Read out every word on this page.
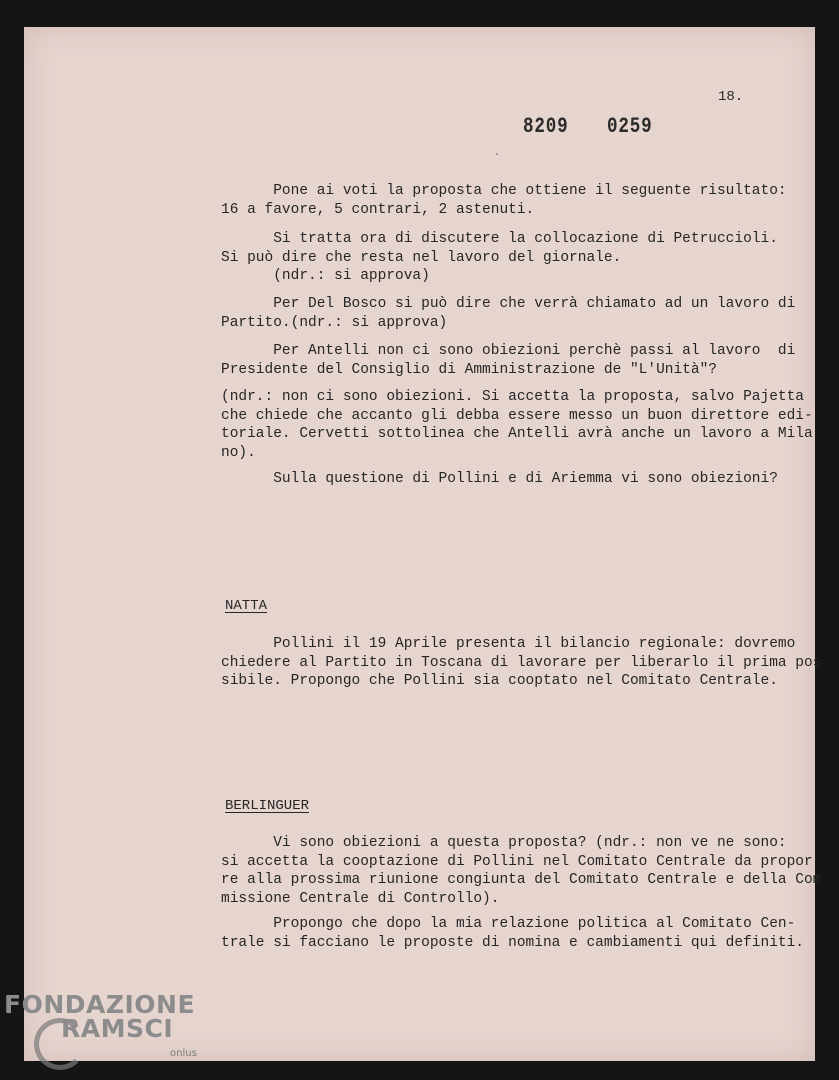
18.
8209 0259
·

Pone ai voti la proposta che ottiene il seguente risultato:
16 a favore, 5 contrari, 2 astenuti.

Si tratta ora di discutere la collocazione di Petruccioli.
Si può dire che resta nel lavoro del giornale.
(ndr.: si approva)

Per Del Bosco si può dire che verrà chiamato ad un lavoro di
Partito.(ndr.: si approva)

Per Antelli non ci sono obiezioni perchè passi al lavoro  di
Presidente del Consiglio di Amministrazione de "L'Unità"?

(ndr.: non ci sono obiezioni. Si accetta la proposta, salvo Pajetta
che chiede che accanto gli debba essere messo un buon direttore edi-
toriale. Cervetti sottolinea che Antelli avrà anche un lavoro a Mila
no).

Sulla questione di Pollini e di Ariemma vi sono obiezioni?

NATTA

Pollini il 19 Aprile presenta il bilancio regionale: dovremo
chiedere al Partito in Toscana di lavorare per liberarlo il prima pos
sibile. Propongo che Pollini sia cooptato nel Comitato Centrale.

BERLINGUER

Vi sono obiezioni a questa proposta? (ndr.: non ve ne sono:
si accetta la cooptazione di Pollini nel Comitato Centrale da propor
re alla prossima riunione congiunta del Comitato Centrale e della Com
missione Centrale di Controllo).

Propongo che dopo la mia relazione politica al Comitato Cen-
trale si facciano le proposte di nomina e cambiamenti qui definiti.

FONDAZIONE
RAMSCI
onlus
